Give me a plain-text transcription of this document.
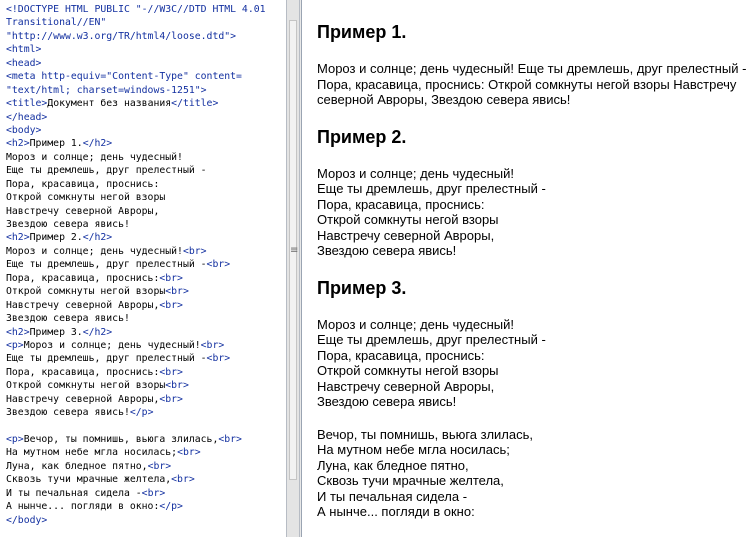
<!DOCTYPE HTML PUBLIC "-//W3C//DTD HTML 4.01
Transitional//EN"
"http://www.w3.org/TR/html4/loose.dtd">
<html>
<head>
<meta http-equiv="Content-Type" content=
"text/html; charset=windows-1251">
<title>Документ без названия</title>
</head>
<body>
<h2>Пример 1.</h2>
Мороз и солнце; день чудесный!
Еще ты дремлешь, друг прелестный -
Пора, красавица, проснись:
Открой сомкнуты негой взоры
Навстречу северной Авроры,
Звездою севера явись!
<h2>Пример 2.</h2>
Мороз и солнце; день чудесный!<br>
Еще ты дремлешь, друг прелестный -<br>
Пора, красавица, проснись:<br>
Открой сомкнуты негой взоры<br>
Навстречу северной Авроры,<br>
Звездою севера явись!
<h2>Пример 3.</h2>
<p>Мороз и солнце; день чудесный!<br>
Еще ты дремлешь, друг прелестный -<br>
Пора, красавица, проснись:<br>
Открой сомкнуты негой взоры<br>
Навстречу северной Авроры,<br>
Звездою севера явись!</p>
<p>Вечор, ты помнишь, вьюга злилась,<br>
На мутном небе мгла носилась;<br>
Луна, как бледное пятно,<br>
Сквозь тучи мрачные желтела,<br>
И ты печальная сидела -<br>
А нынче... погляди в окно:</p>
</body>
≡
Пример 1.
Мороз и солнце; день чудесный! Еще ты дремлешь, друг прелестный -
Пора, красавица, проснись: Открой сомкнуты негой взоры Навстречу
северной Авроры, Звездою севера явись!
Пример 2.
Мороз и солнце; день чудесный!
Еще ты дремлешь, друг прелестный -
Пора, красавица, проснись:
Открой сомкнуты негой взоры
Навстречу северной Авроры,
Звездою севера явись!
Пример 3.
Мороз и солнце; день чудесный!
Еще ты дремлешь, друг прелестный -
Пора, красавица, проснись:
Открой сомкнуты негой взоры
Навстречу северной Авроры,
Звездою севера явись!
Вечор, ты помнишь, вьюга злилась,
На мутном небе мгла носилась;
Луна, как бледное пятно,
Сквозь тучи мрачные желтела,
И ты печальная сидела -
А нынче... погляди в окно:
